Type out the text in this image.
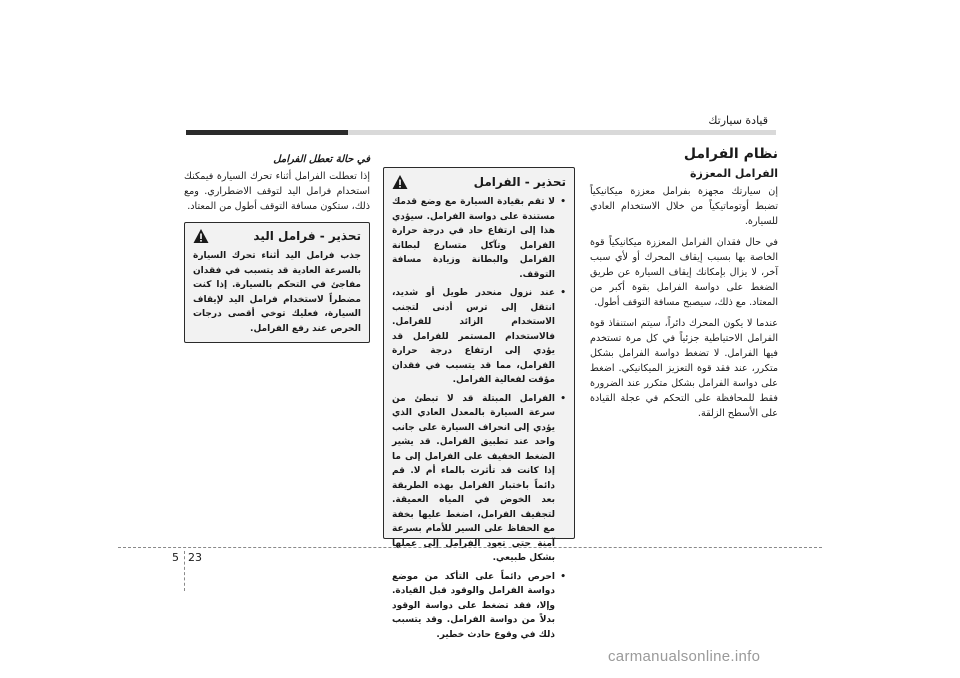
قيادة سيارتك
نظام الفرامل
الفرامل المعززة

إن سيارتك مجهزة بفرامل معززة ميكانيكياً تضبط أوتوماتيكياً من خلال الاستخدام العادي للسيارة.

في حال فقدان الفرامل المعززة ميكانيكياً قوة الخاصة بها بسبب إيقاف المحرك أو لأي سبب آخر، لا يزال بإمكانك إيقاف السيارة عن طريق الضغط على دواسة الفرامل بقوة أكبر من المعتاد. مع ذلك، سيصبح مسافة التوقف أطول.

عندما لا يكون المحرك دائراً، سيتم استنفاذ قوة الفرامل الاحتياطية جزئياً في كل مرة تستخدم فيها الفرامل. لا تضغط دواسة الفرامل بشكل متكرر، عند فقد قوة التعزيز الميكانيكي. اضغط على دواسة الفرامل بشكل متكرر عند الضرورة فقط للمحافظة على التحكم في عجلة القيادة على الأسطح الزلقة.

تحذير - الفرامل
• لا تقم بقيادة السيارة مع وضع قدمك مستندة على دواسة الفرامل. سيؤدي هذا إلى ارتفاع حاد في درجة حرارة الفرامل وتآكل متسارع لبطانة الفرامل والبطانة وزيادة مسافة التوقف.
• عند نزول منحدر طويل أو شديد، انتقل إلى ترس أدنى لتجنب الاستخدام الزائد للفرامل. فالاستخدام المستمر للفرامل قد يؤدي إلى ارتفاع درجة حرارة الفرامل، مما قد يتسبب في فقدان مؤقت لفعالية الفرامل.
• الفرامل المبتلة قد لا تبطئ من سرعة السيارة بالمعدل العادي الذي يؤدي إلى انحراف السيارة على جانب واحد عند تطبيق الفرامل. قد يشير الضغط الخفيف على الفرامل إلى ما إذا كانت قد تأثرت بالماء أم لا. قم دائماً باختبار الفرامل بهذه الطريقة بعد الخوض في المياه العميقة. لتجفيف الفرامل، اضغط عليها بخفة مع الحفاظ على السير للأمام بسرعة آمنة حتى تعود الفرامل إلى عملها بشكل طبيعي.
• احرص دائماً على التأكد من موضع دواسة الفرامل والوقود قبل القيادة. وإلا، فقد تضغط على دواسة الوقود بدلاً من دواسة الفرامل. وقد يتسبب ذلك في وقوع حادث خطير.
في حالة تعطل الفرامل

إذا تعطلت الفرامل أثناء تحرك السيارة فيمكنك استخدام فرامل اليد لتوقف الاضطراري. ومع ذلك، ستكون مسافة التوقف أطول من المعتاد.

تحذير - فرامل اليد

جذب فرامل اليد أثناء تحرك السيارة بالسرعة العادية قد يتسبب في فقدان مفاجئ في التحكم بالسيارة. إذا كنت مضطراً لاستخدام فرامل اليد لإيقاف السيارة، فعليك توخي أقصى درجات الحرص عند رفع الفرامل.

5 23
carmanualsonline.info
